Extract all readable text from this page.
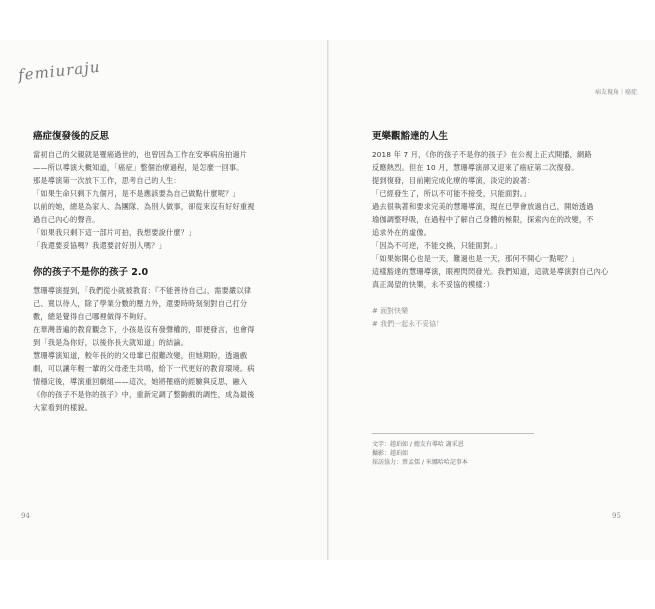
femiuraju
病友視角｜癌症
癌症復發後的反思

當初自己的父親就是罹癌過世的，也曾因為工作在安寧病房拍過片

——所以導演大概知道，「癌症」整個治療過程，是怎麼一回事。

那是導演第一次放下工作，思考自己的人生：

「如果生命只剩下九個月，是不是應該要為自己做點什麼呢？」

以前的她，總是為家人、為團隊、為別人做事，卻從來沒有好好重視

過自己內心的聲音。

「如果我只剩下這一部片可拍，我想要說什麼？」

「我還要妥協嗎？我還要討好別人嗎？」

你的孩子不是你的孩子 2.0

慧珊導演提到，「我們從小就被教育：『不能善待自己』，需要嚴以律

己、寬以待人，除了學業分數的壓力外，還要時時刻刻對自己打分

數，總是覺得自己哪裡做得不夠好。

在華灣普遍的教育觀念下，小孩是沒有發聲權的，即便發言，也會得

到「我是為你好，以後你長大就知道」的結論。

慧珊導演知道，較年長的的父母輩已很難改變，但她期盼，透過戲

劇，可以讓年輕一輩的父母產生共鳴，給下一代更好的教育環境。病

情穩定後，導演重回劇組——這次，她將罹癌的經驗與反思，融入

《你的孩子不是你的孩子》中，重新定調了整齣戲的調性，成為最後

大家看到的樣貌。

更樂觀豁達的人生

2018 年 7 月，《你的孩子不是你的孩子》在公視上正式開播，網路

反應熱烈。但在 10 月，慧珊導演卻又迎來了癌症第二次復發。

提到復發，目前剛完成化療的導演，淡定的說著：

「已經發生了，所以不可能不接受，只能面對。」

過去很執著和要求完美的慧珊導演，現在已學會放過自己，開始透過

瑜伽調整呼吸，在過程中了解自己身體的極限，探索內在的改變，不

追求外在的虛像。

「因為不可逆，不能交換，只能面對。」

「如果妳開心也是一天，難過也是一天，那何不開心一點呢？」

這樣豁達的慧珊導演，眼裡閃閃發光。我們知道，這就是導演對自己內心

真正渴望的快樂，永不妥協的模樣：）

# 面對快樂
# 我們一起永不妥協！
文字：趙珀如 / 總友有導哈 謝采恩
攝影：趙珀如
採訪協力：蔡孟儒 / 米娜哈哈記事本
94	95
